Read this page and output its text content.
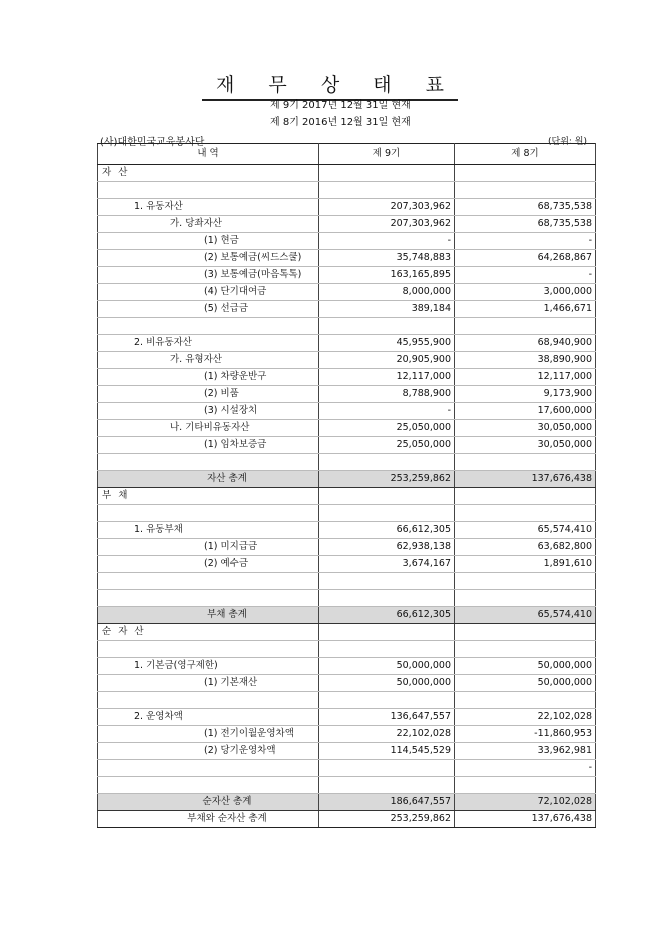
재 무 상 태 표
제 9기 2017년 12월 31일 현재
제 8기 2016년 12월 31일 현재
(사)대한민국교육봉사단	(단위: 원)
내 역	제 9기	제 8기
자 산		

1. 유동자산	207,303,962	68,735,538
가. 당좌자산	207,303,962	68,735,538
(1) 현금	-	-
(2) 보통예금(씨드스쿨)	35,748,883	64,268,867
(3) 보통예금(마음톡톡)	163,165,895	-
(4) 단기대여금	8,000,000	3,000,000
(5) 선급금	389,184	1,466,671

2. 비유동자산	45,955,900	68,940,900
가. 유형자산	20,905,900	38,890,900
(1) 차량운반구	12,117,000	12,117,000
(2) 비품	8,788,900	9,173,900
(3) 시설장치	-	17,600,000
나. 기타비유동자산	25,050,000	30,050,000
(1) 임차보증금	25,050,000	30,050,000

자산 총계	253,259,862	137,676,438
부 채		

1. 유동부채	66,612,305	65,574,410
(1) 미지급금	62,938,138	63,682,800
(2) 예수금	3,674,167	1,891,610

부채 총계	66,612,305	65,574,410
순 자 산		

1. 기본금(영구제한)	50,000,000	50,000,000
(1) 기본재산	50,000,000	50,000,000

2. 운영차액	136,647,557	22,102,028
(1) 전기이월운영차액	22,102,028	-11,860,953
(2) 당기운영차액	114,545,529	33,962,981
		-

순자산 총계	186,647,557	72,102,028
부채와 순자산 총계	253,259,862	137,676,438
